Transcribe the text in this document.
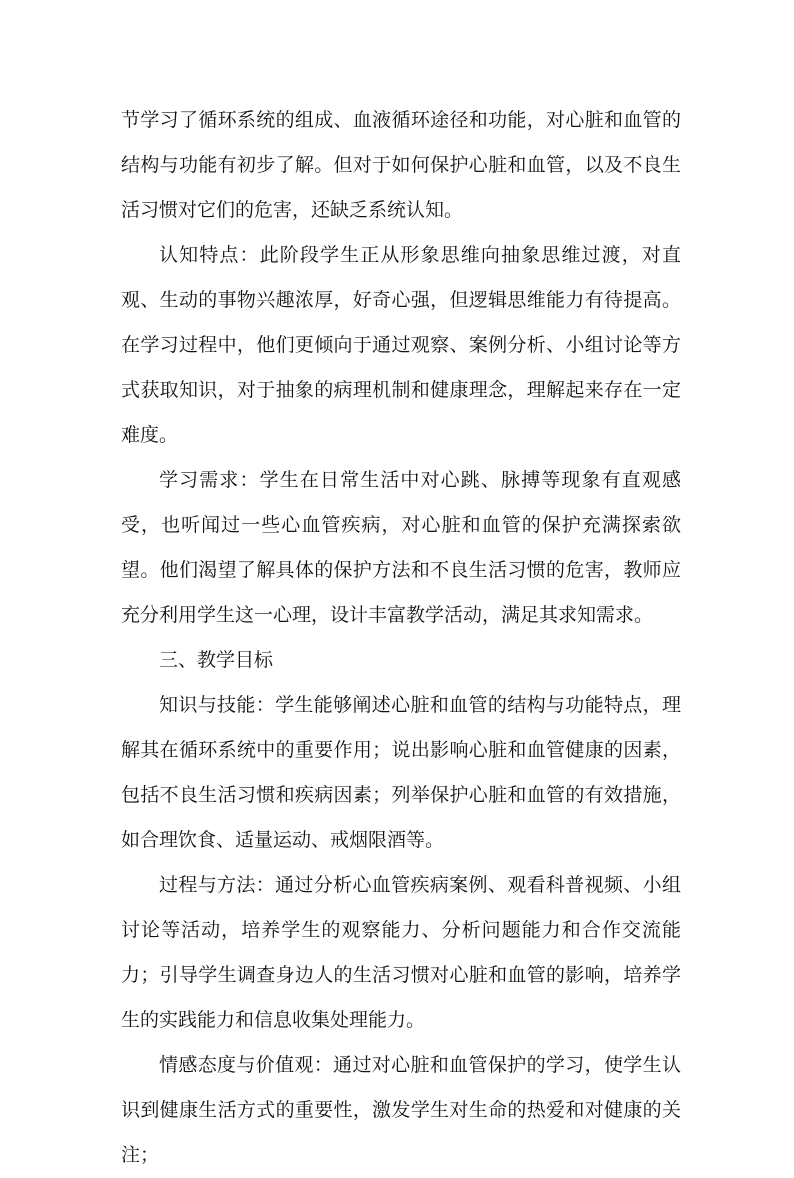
节学习了循环系统的组成、血液循环途径和功能，对心脏和血管的结构与功能有初步了解。但对于如何保护心脏和血管，以及不良生活习惯对它们的危害，还缺乏系统认知。

认知特点：此阶段学生正从形象思维向抽象思维过渡，对直观、生动的事物兴趣浓厚，好奇心强，但逻辑思维能力有待提高。在学习过程中，他们更倾向于通过观察、案例分析、小组讨论等方式获取知识，对于抽象的病理机制和健康理念，理解起来存在一定难度。

学习需求：学生在日常生活中对心跳、脉搏等现象有直观感受，也听闻过一些心血管疾病，对心脏和血管的保护充满探索欲望。他们渴望了解具体的保护方法和不良生活习惯的危害，教师应充分利用学生这一心理，设计丰富教学活动，满足其求知需求。

三、教学目标

知识与技能：学生能够阐述心脏和血管的结构与功能特点，理解其在循环系统中的重要作用；说出影响心脏和血管健康的因素，包括不良生活习惯和疾病因素；列举保护心脏和血管的有效措施，如合理饮食、适量运动、戒烟限酒等。

过程与方法：通过分析心血管疾病案例、观看科普视频、小组讨论等活动，培养学生的观察能力、分析问题能力和合作交流能力；引导学生调查身边人的生活习惯对心脏和血管的影响，培养学生的实践能力和信息收集处理能力。

情感态度与价值观：通过对心脏和血管保护的学习，使学生认识到健康生活方式的重要性，激发学生对生命的热爱和对健康的关注；
